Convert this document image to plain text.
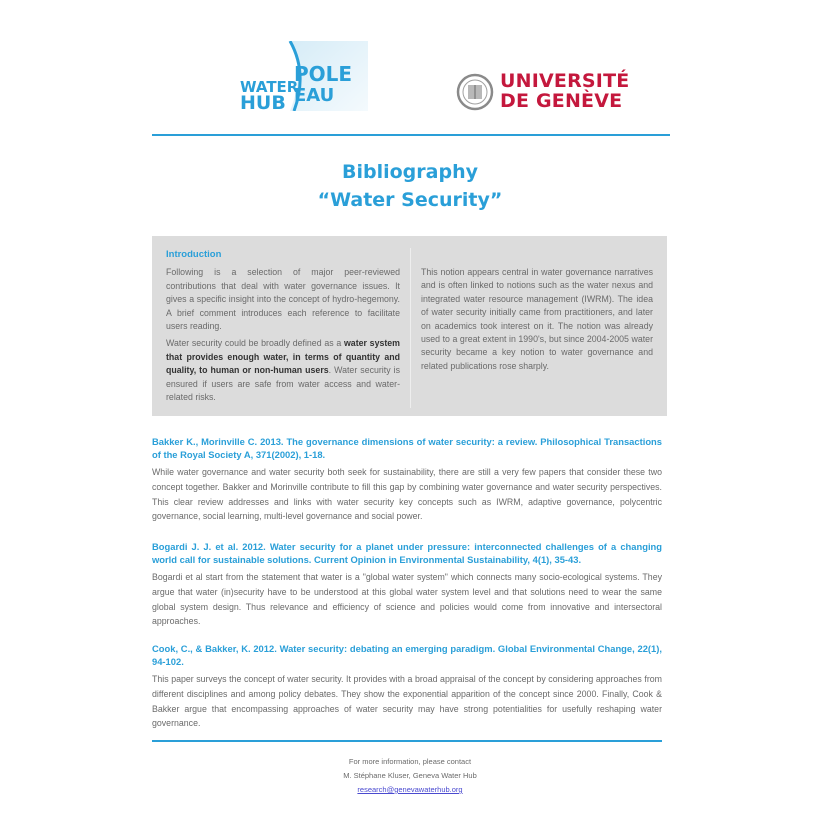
WATER
HUB
POLE
EAU
UNIVERSITÉ
DE GENÈVE
Bibliography
“Water Security”
Introduction

Following is a selection of major peer-reviewed contributions that deal with water governance issues. It gives a specific insight into the concept of hydro-hegemony. A brief comment introduces each reference to facilitate users reading.

Water security could be broadly defined as a water system that provides enough water, in terms of quantity and quality, to human or non-human users. Water security is ensured if users are safe from water access and water-related risks.

This notion appears central in water governance narratives and is often linked to notions such as the water nexus and integrated water resource management (IWRM). The idea of water security initially came from practitioners, and later on academics took interest on it. The notion was already used to a great extent in 1990's, but since 2004-2005 water security became a key notion to water governance and related publications rose sharply.

Bakker K., Morinville C. 2013. The governance dimensions of water security: a review. Philosophical Transactions of the Royal Society A, 371(2002), 1-18.
While water governance and water security both seek for sustainability, there are still a very few papers that consider these two concept together. Bakker and Morinville contribute to fill this gap by combining water governance and water security perspectives. This clear review addresses and links with water security key concepts such as IWRM, adaptive governance, polycentric governance, social learning, multi-level governance and social power.
Bogardi J. J. et al. 2012. Water security for a planet under pressure: interconnected challenges of a changing world call for sustainable solutions. Current Opinion in Environmental Sustainability, 4(1), 35-43.
Bogardi et al start from the statement that water is a "global water system" which connects many socio-ecological systems. They argue that water (in)security have to be understood at this global water system level and that solutions need to wear the same global system design. Thus relevance and efficiency of science and policies would come from innovative and intersectoral approaches.
Cook, C., & Bakker, K. 2012. Water security: debating an emerging paradigm. Global Environmental Change, 22(1), 94-102.
This paper surveys the concept of water security. It provides with a broad appraisal of the concept by considering approaches from different disciplines and among policy debates. They show the exponential apparition of the concept since 2000. Finally, Cook & Bakker argue that encompassing approaches of water security may have strong potentialities for usefully reshaping water governance.
For more information, please contact
M. Stéphane Kluser, Geneva Water Hub
research@genevawaterhub.org
